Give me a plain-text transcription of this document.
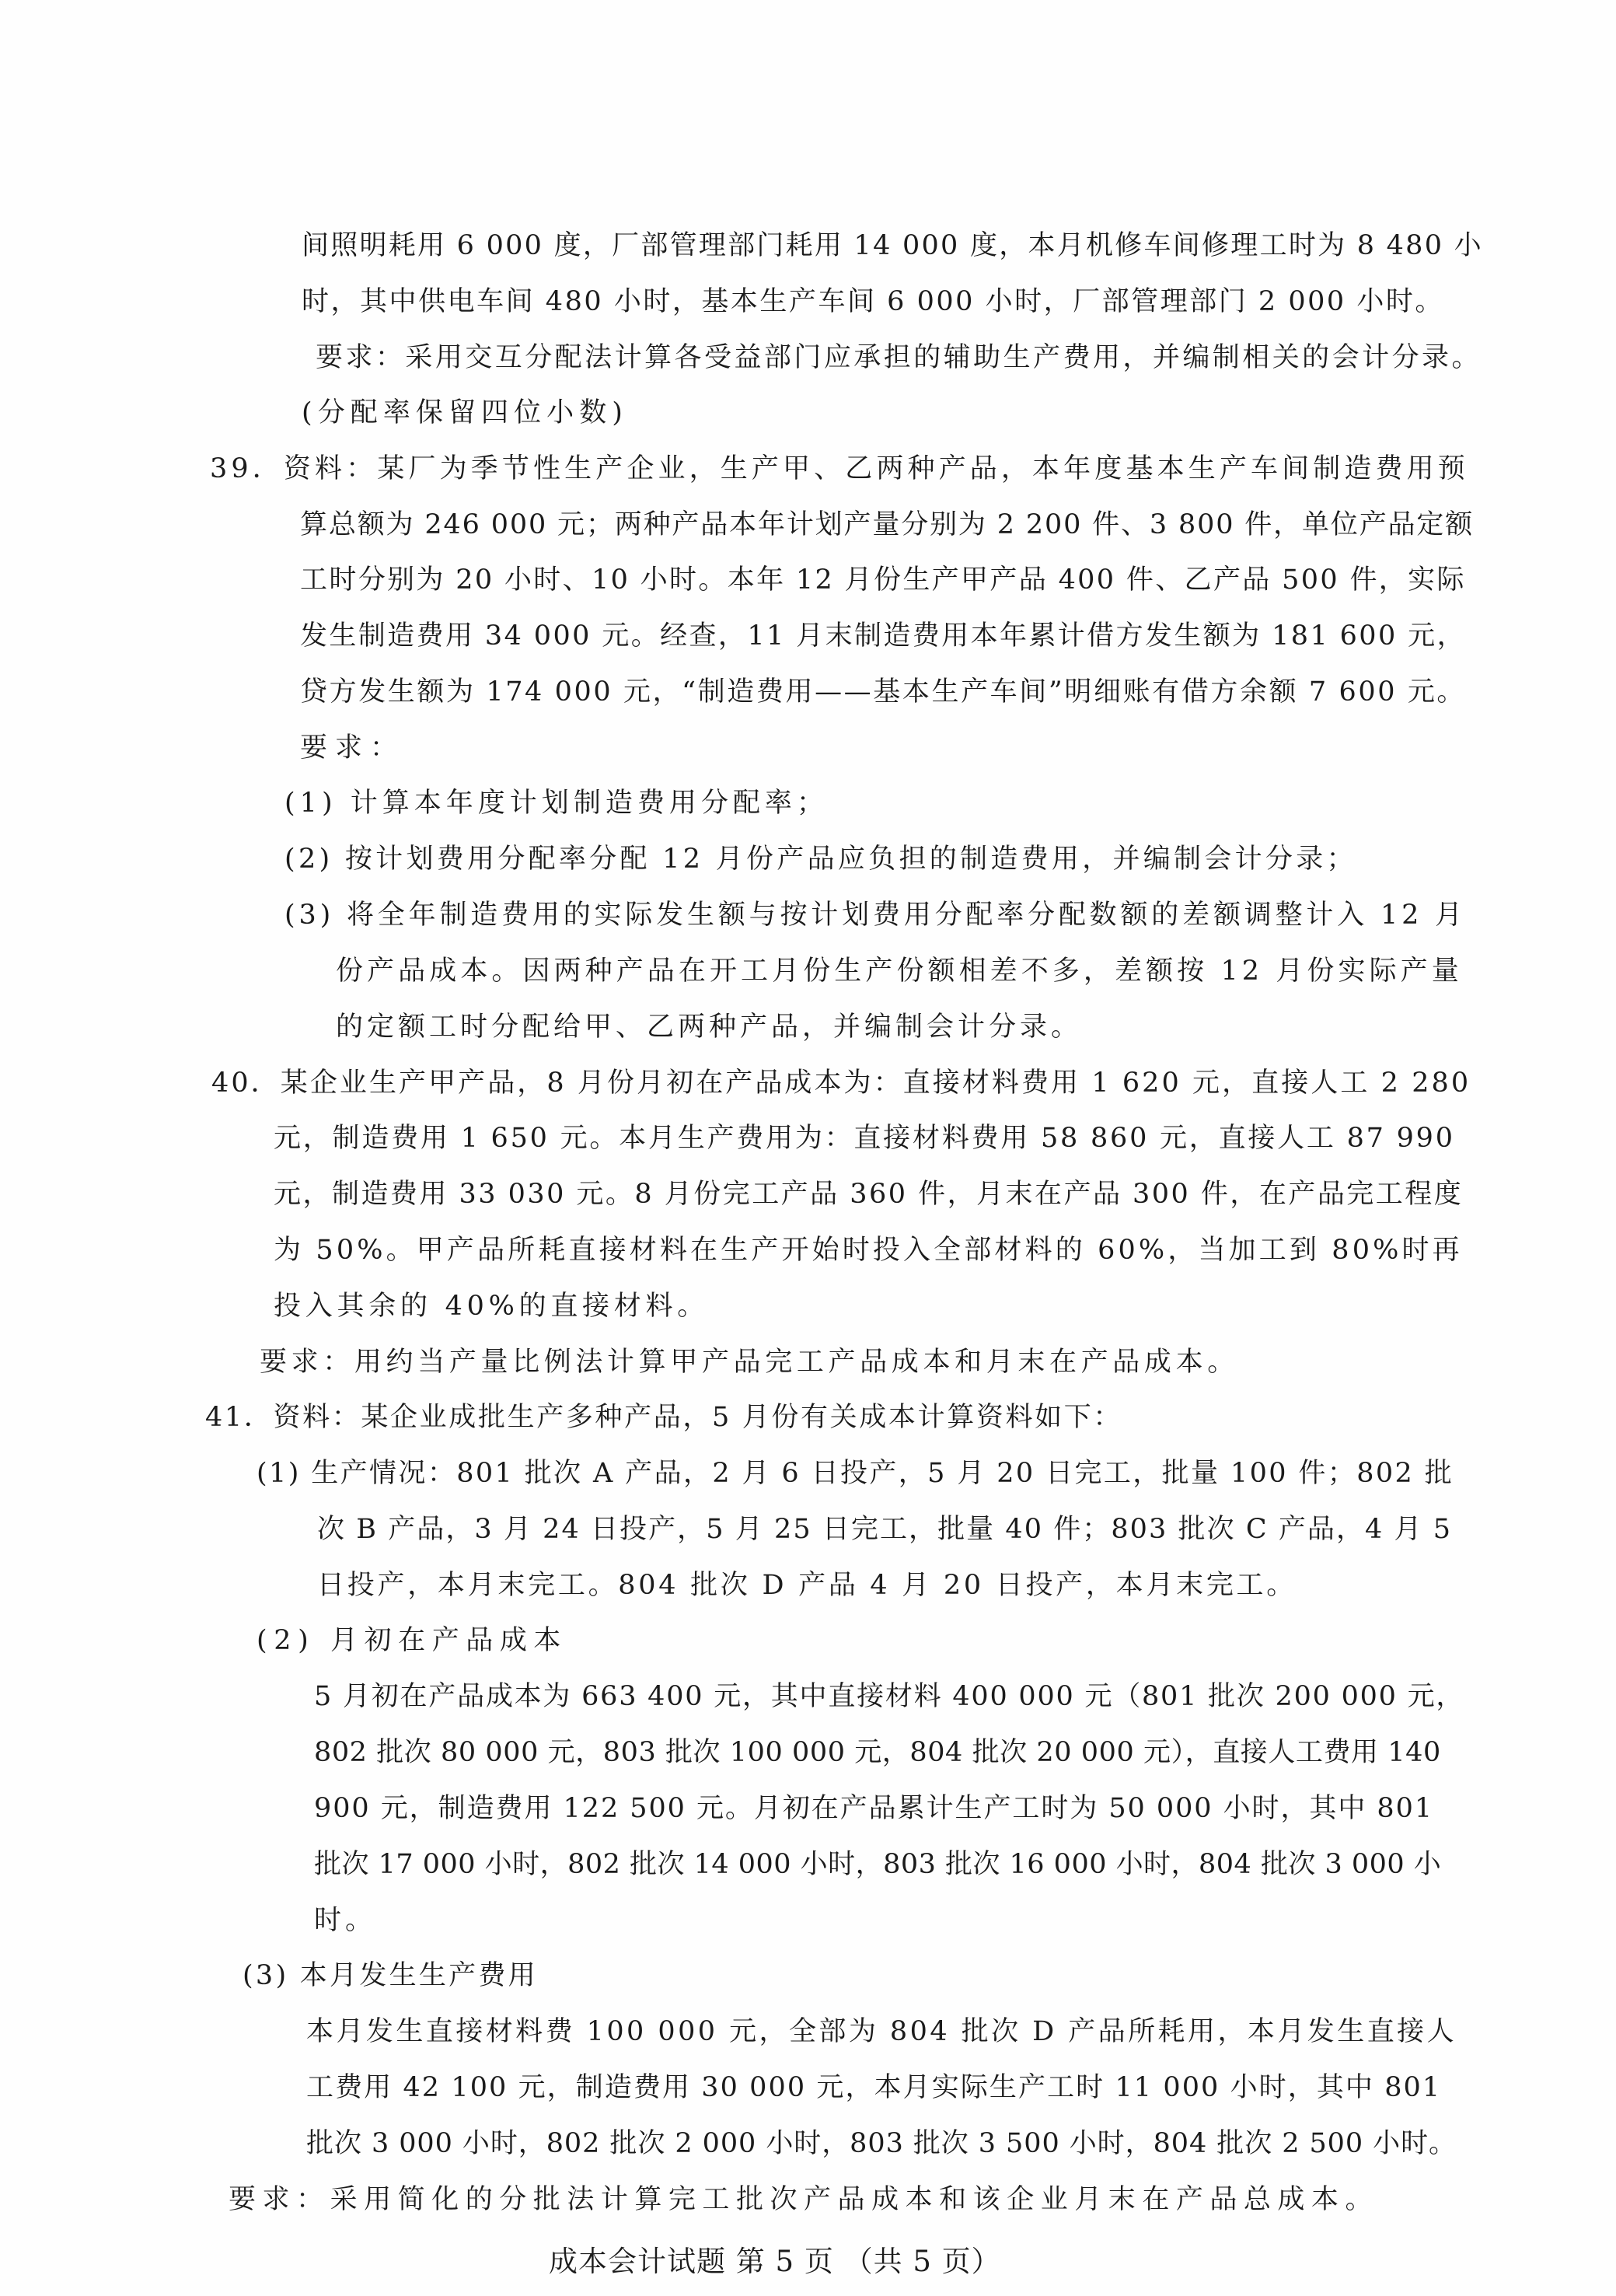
间照明耗用 6 000 度，厂部管理部门耗用 14 000 度，本月机修车间修理工时为 8 480 小
时，其中供电车间 480 小时，基本生产车间 6 000 小时，厂部管理部门 2 000 小时。
要求：采用交互分配法计算各受益部门应承担的辅助生产费用，并编制相关的会计分录。
(分配率保留四位小数)
39．资料：某厂为季节性生产企业，生产甲、乙两种产品，本年度基本生产车间制造费用预
算总额为 246 000 元；两种产品本年计划产量分别为 2 200 件、3 800 件，单位产品定额
工时分别为 20 小时、10 小时。本年 12 月份生产甲产品 400 件、乙产品 500 件，实际
发生制造费用 34 000 元。经查，11 月末制造费用本年累计借方发生额为 181 600 元，
贷方发生额为 174 000 元，“制造费用——基本生产车间”明细账有借方余额 7 600 元。
要求：
(1) 计算本年度计划制造费用分配率；
(2) 按计划费用分配率分配 12 月份产品应负担的制造费用，并编制会计分录；
(3) 将全年制造费用的实际发生额与按计划费用分配率分配数额的差额调整计入 12 月
份产品成本。因两种产品在开工月份生产份额相差不多，差额按 12 月份实际产量
的定额工时分配给甲、乙两种产品，并编制会计分录。
40．某企业生产甲产品，8 月份月初在产品成本为：直接材料费用 1 620 元，直接人工 2 280
元，制造费用 1 650 元。本月生产费用为：直接材料费用 58 860 元，直接人工 87 990
元，制造费用 33 030 元。8 月份完工产品 360 件，月末在产品 300 件，在产品完工程度
为 50%。甲产品所耗直接材料在生产开始时投入全部材料的 60%，当加工到 80%时再
投入其余的 40%的直接材料。
要求：用约当产量比例法计算甲产品完工产品成本和月末在产品成本。
41．资料：某企业成批生产多种产品，5 月份有关成本计算资料如下：
(1) 生产情况：801 批次 A 产品，2 月 6 日投产，5 月 20 日完工，批量 100 件；802 批
次 B 产品，3 月 24 日投产，5 月 25 日完工，批量 40 件；803 批次 C 产品，4 月 5
日投产，本月末完工。804 批次 D 产品 4 月 20 日投产，本月末完工。
(2) 月初在产品成本
5 月初在产品成本为 663 400 元，其中直接材料 400 000 元（801 批次 200 000 元，
802 批次 80 000 元，803 批次 100 000 元，804 批次 20 000 元），直接人工费用 140
900 元，制造费用 122 500 元。月初在产品累计生产工时为 50 000 小时，其中 801
批次 17 000 小时，802 批次 14 000 小时，803 批次 16 000 小时，804 批次 3 000 小
时。
(3) 本月发生生产费用
本月发生直接材料费 100 000 元，全部为 804 批次 D 产品所耗用，本月发生直接人
工费用 42 100 元，制造费用 30 000 元，本月实际生产工时 11 000 小时，其中 801
批次 3 000 小时，802 批次 2 000 小时，803 批次 3 500 小时，804 批次 2 500 小时。
要求：采用简化的分批法计算完工批次产品成本和该企业月末在产品总成本。
成本会计试题 第 5 页 （共 5 页）
